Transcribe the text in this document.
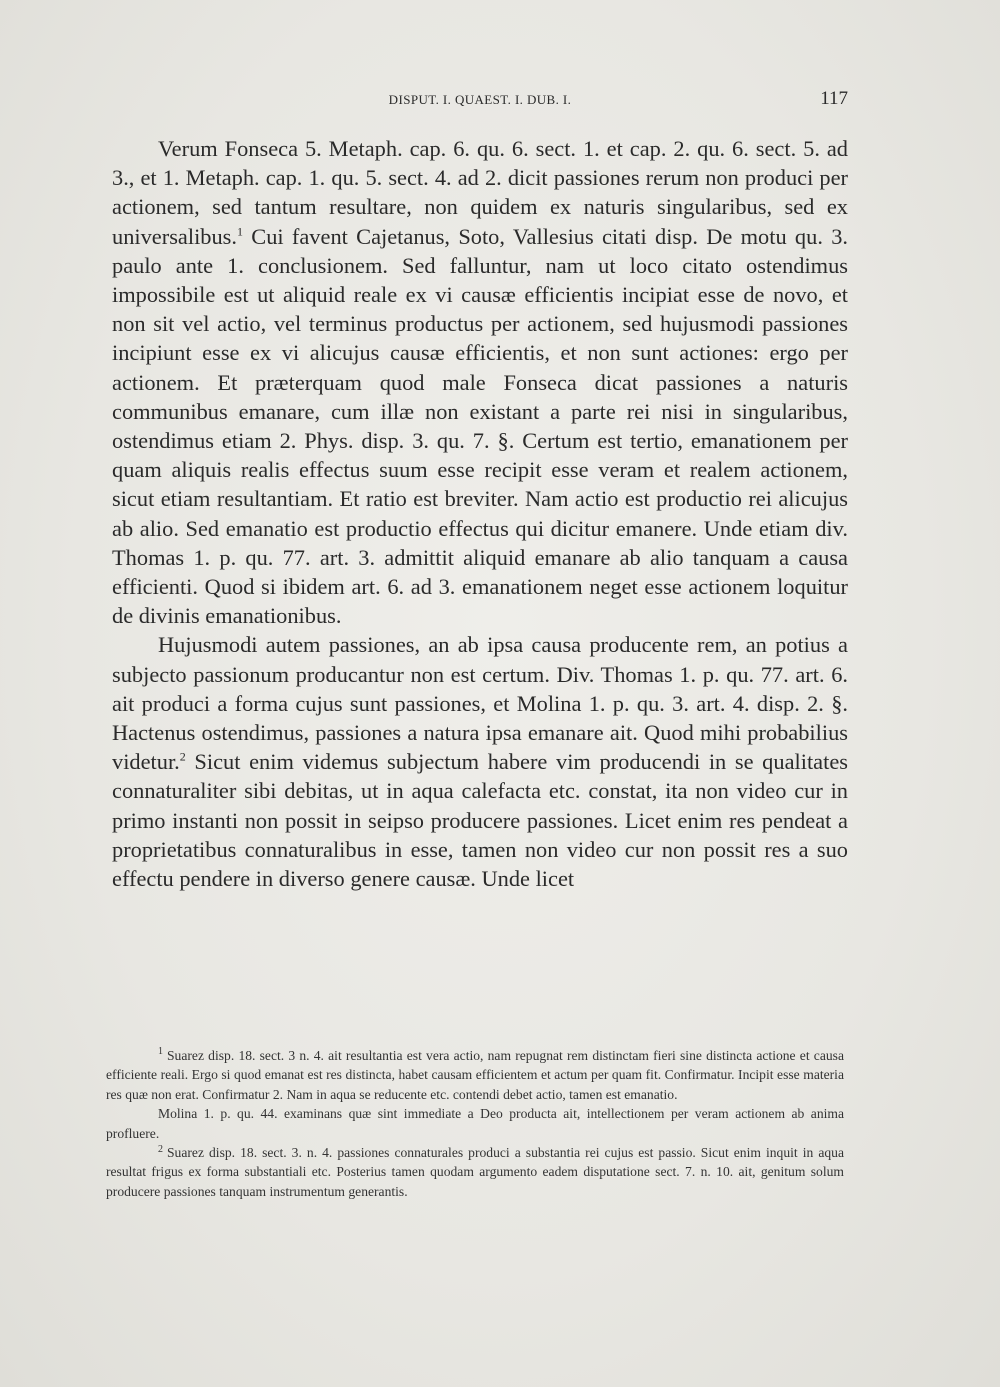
DISPUT. I. QUAEST. I. DUB. I.	117

Verum Fonseca 5. Metaph. cap. 6. qu. 6. sect. 1. et cap. 2. qu. 6. sect. 5. ad 3., et 1. Metaph. cap. 1. qu. 5. sect. 4. ad 2. dicit passiones rerum non produci per actionem, sed tantum resultare, non quidem ex naturis singularibus, sed ex universalibus.$^1$ Cui favent Cajetanus, Soto, Vallesius citati disp. De motu qu. 3. paulo ante 1. conclusionem. Sed falluntur, nam ut loco citato ostendimus impossibile est ut aliquid reale ex vi causæ efficientis incipiat esse de novo, et non sit vel actio, vel terminus productus per actionem, sed hujusmodi passiones incipiunt esse ex vi alicujus causæ efficientis, et non sunt actiones: ergo per actionem. Et præterquam quod male Fonseca dicat passiones a naturis communibus emanare, cum illæ non existant a parte rei nisi in singularibus, ostendimus etiam 2. Phys. disp. 3. qu. 7. §. Certum est tertio, emanationem per quam aliquis realis effectus suum esse recipit esse veram et realem actionem, sicut etiam resultantiam. Et ratio est breviter. Nam actio est productio rei alicujus ab alio. Sed emanatio est productio effectus qui dicitur emanere. Unde etiam div. Thomas 1. p. qu. 77. art. 3. admittit aliquid emanare ab alio tanquam a causa efficienti. Quod si ibidem art. 6. ad 3. emanationem neget esse actionem loquitur de divinis emanationibus.

Hujusmodi autem passiones, an ab ipsa causa producente rem, an potius a subjecto passionum producantur non est certum. Div. Thomas 1. p. qu. 77. art. 6. ait produci a forma cujus sunt passiones, et Molina 1. p. qu. 3. art. 4. disp. 2. §. Hactenus ostendimus, passiones a natura ipsa emanare ait. Quod mihi probabilius videtur.$^2$ Sicut enim videmus subjectum habere vim producendi in se qualitates connaturaliter sibi debitas, ut in aqua calefacta etc. constat, ita non video cur in primo instanti non possit in seipso producere passiones. Licet enim res pendeat a proprietatibus connaturalibus in esse, tamen non video cur non possit res a suo effectu pendere in diverso genere causæ. Unde licet

$^1$ Suarez disp. 18. sect. 3 n. 4. ait resultantia est vera actio, nam repugnat rem distinctam fieri sine distincta actione et causa efficiente reali. Ergo si quod emanat est res distincta, habet causam efficientem et actum per quam fit. Confirmatur. Incipit esse materia res quæ non erat. Confirmatur 2. Nam in aqua se reducente etc. contendi debet actio, tamen est emanatio.

Molina 1. p. qu. 44. examinans quæ sint immediate a Deo producta ait, intellectionem per veram actionem ab anima profluere.

$^2$ Suarez disp. 18. sect. 3. n. 4. passiones connaturales produci a substantia rei cujus est passio. Sicut enim inquit in aqua resultat frigus ex forma substantiali etc. Posterius tamen quodam argumento eadem disputatione sect. 7. n. 10. ait, genitum solum producere passiones tanquam instrumentum generantis.
